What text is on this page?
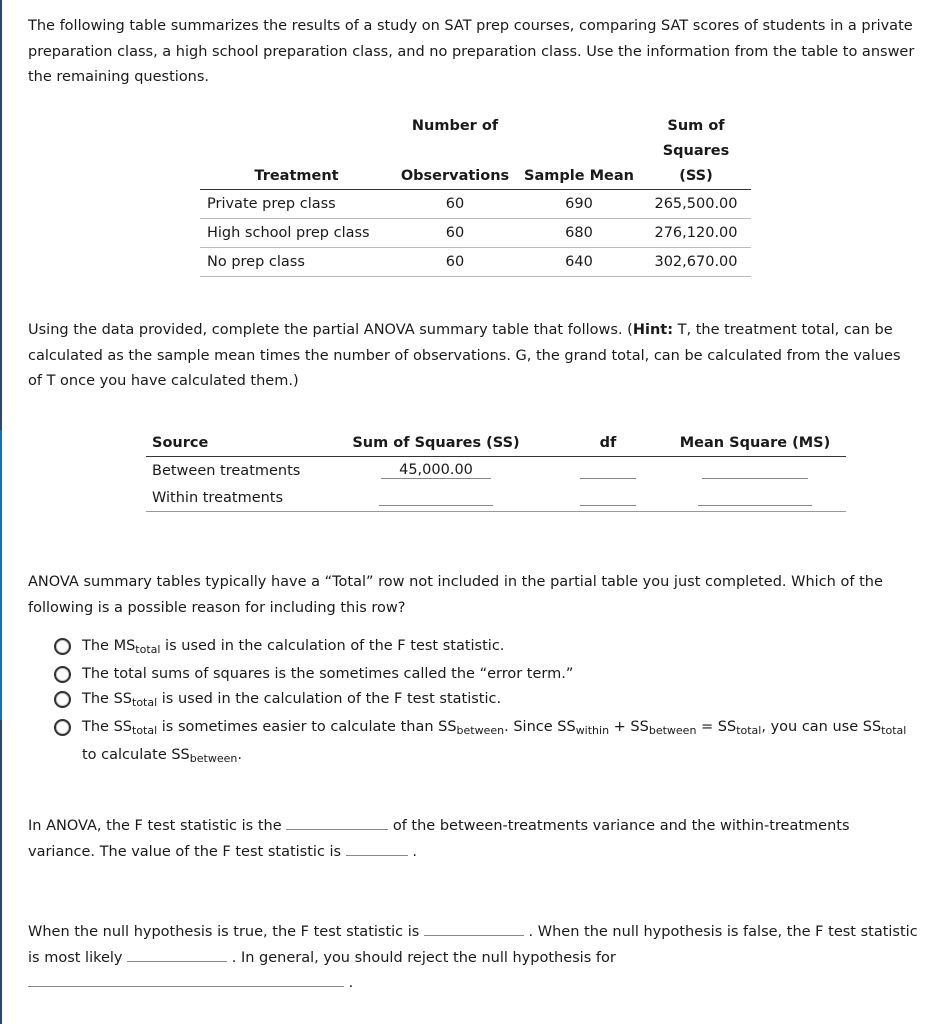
The following table summarizes the results of a study on SAT prep courses, comparing SAT scores of students in a private preparation class, a high school preparation class, and no preparation class. Use the information from the table to answer the remaining questions.
	Number of		Sum of
Treatment	Observations	Sample Mean	Squares (SS)
Private prep class	60	690	265,500.00
High school prep class	60	680	276,120.00
No prep class	60	640	302,670.00
Using the data provided, complete the partial ANOVA summary table that follows. (Hint: T, the treatment total, can be calculated as the sample mean times the number of observations. G, the grand total, can be calculated from the values of T once you have calculated them.)
Source	Sum of Squares (SS)	df	Mean Square (MS)
Between treatments	45,000.00		
Within treatments			
ANOVA summary tables typically have a “Total” row not included in the partial table you just completed. Which of the following is a possible reason for including this row?
The $MS_{total}$ is used in the calculation of the F test statistic.
The total sums of squares is the sometimes called the “error term.”
The $SS_{total}$ is used in the calculation of the F test statistic.
The $SS_{total}$ is sometimes easier to calculate than $SS_{between}$. Since $SS_{within} + SS_{between} = SS_{total}$, you can use $SS_{total}$ to calculate $SS_{between}$.
In ANOVA, the F test statistic is the	of the between-treatments variance and the within-treatments variance. The value of the F test statistic is	.
When the null hypothesis is true, the F test statistic is	. When the null hypothesis is false, the F test statistic is most likely	. In general, you should reject the null hypothesis for
.
